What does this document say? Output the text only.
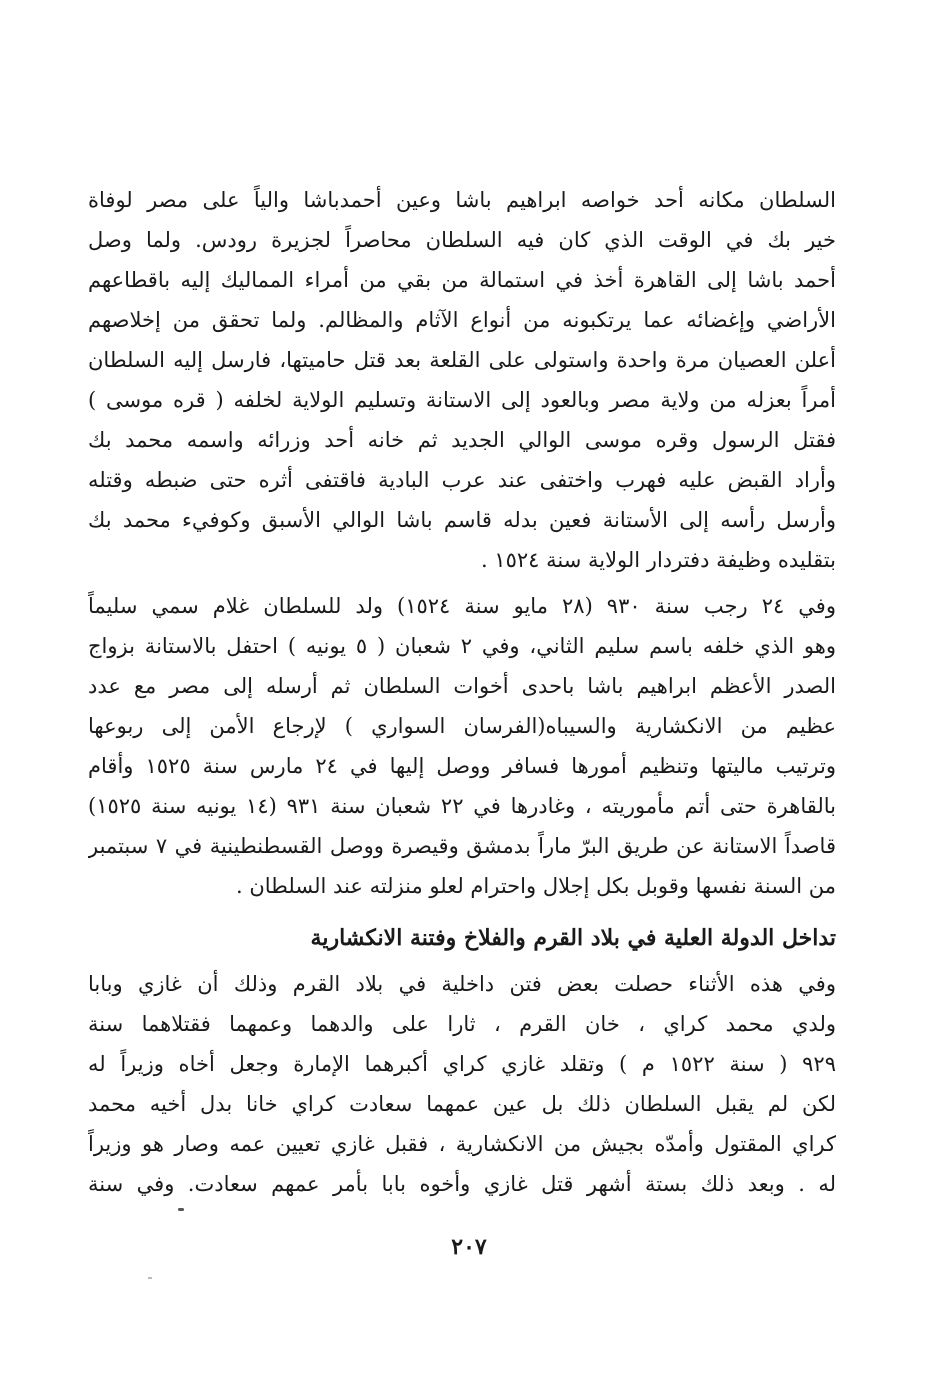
السلطان مكانه أحد خواصه ابراهيم باشا وعين أحمدباشا والياً على مصر لوفاة
خير بك في الوقت الذي كان فيه السلطان محاصراً لجزيرة رودس. ولما وصل
أحمد باشا إلى القاهرة أخذ في استمالة من بقي من أمراء المماليك إليه باقطاعهم
الأراضي وإغضائه عما يرتكبونه من أنواع الآثام والمظالم. ولما تحقق من إخلاصهم
أعلن العصيان مرة واحدة واستولى على القلعة بعد قتل حاميتها، فارسل إليه السلطان
أمراً بعزله من ولاية مصر وبالعود إلى الاستانة وتسليم الولاية لخلفه ( قره موسى )
فقتل الرسول وقره موسى الوالي الجديد ثم خانه أحد وزرائه واسمه محمد بك
وأراد القبض عليه فهرب واختفى عند عرب البادية فاقتفى أثره حتى ضبطه وقتله
وأرسل رأسه إلى الأستانة فعين بدله قاسم باشا الوالي الأسبق وكوفيء محمد بك
بتقليده وظيفة دفتردار الولاية سنة ١٥٢٤ .
وفي ٢٤ رجب سنة ٩٣٠ (٢٨ مايو سنة ١٥٢٤) ولد للسلطان غلام سمي سليماً
وهو الذي خلفه باسم سليم الثاني، وفي ٢ شعبان ( ٥ يونيه ) احتفل بالاستانة بزواج
الصدر الأعظم ابراهيم باشا باحدى أخوات السلطان ثم أرسله إلى مصر مع عدد
عظيم من الانكشارية والسيباه(الفرسان السواري ) لإرجاع الأمن إلى ربوعها
وترتيب ماليتها وتنظيم أمورها فسافر ووصل إليها في ٢٤ مارس سنة ١٥٢٥ وأقام
بالقاهرة حتى أتم مأموريته ، وغادرها في ٢٢ شعبان سنة ٩٣١ (١٤ يونيه سنة ١٥٢٥)
قاصداً الاستانة عن طريق البرّ ماراً بدمشق وقيصرة ووصل القسطنطينية في ٧ سبتمبر
من السنة نفسها وقوبل بكل إجلال واحترام لعلو منزلته عند السلطان .
تداخل الدولة العلية في بلاد القرم والفلاخ وفتنة الانكشارية
وفي هذه الأثناء حصلت بعض فتن داخلية في بلاد القرم وذلك أن غازي وبابا
ولدي محمد كراي ، خان القرم ، ثارا على والدهما وعمهما فقتلاهما سنة
٩٢٩ ( سنة ١٥٢٢ م ) وتقلد غازي كراي أكبرهما الإمارة وجعل أخاه وزيراً له
لكن لم يقبل السلطان ذلك بل عين عمهما سعادت كراي خانا بدل أخيه محمد
كراي المقتول وأمدّه بجيش من الانكشارية ، فقبل غازي تعيين عمه وصار هو وزيراً
له . وبعد ذلك بستة أشهر قتل غازي وأخوه بابا بأمر عمهم سعادت. وفي سنة
٢٠٧
